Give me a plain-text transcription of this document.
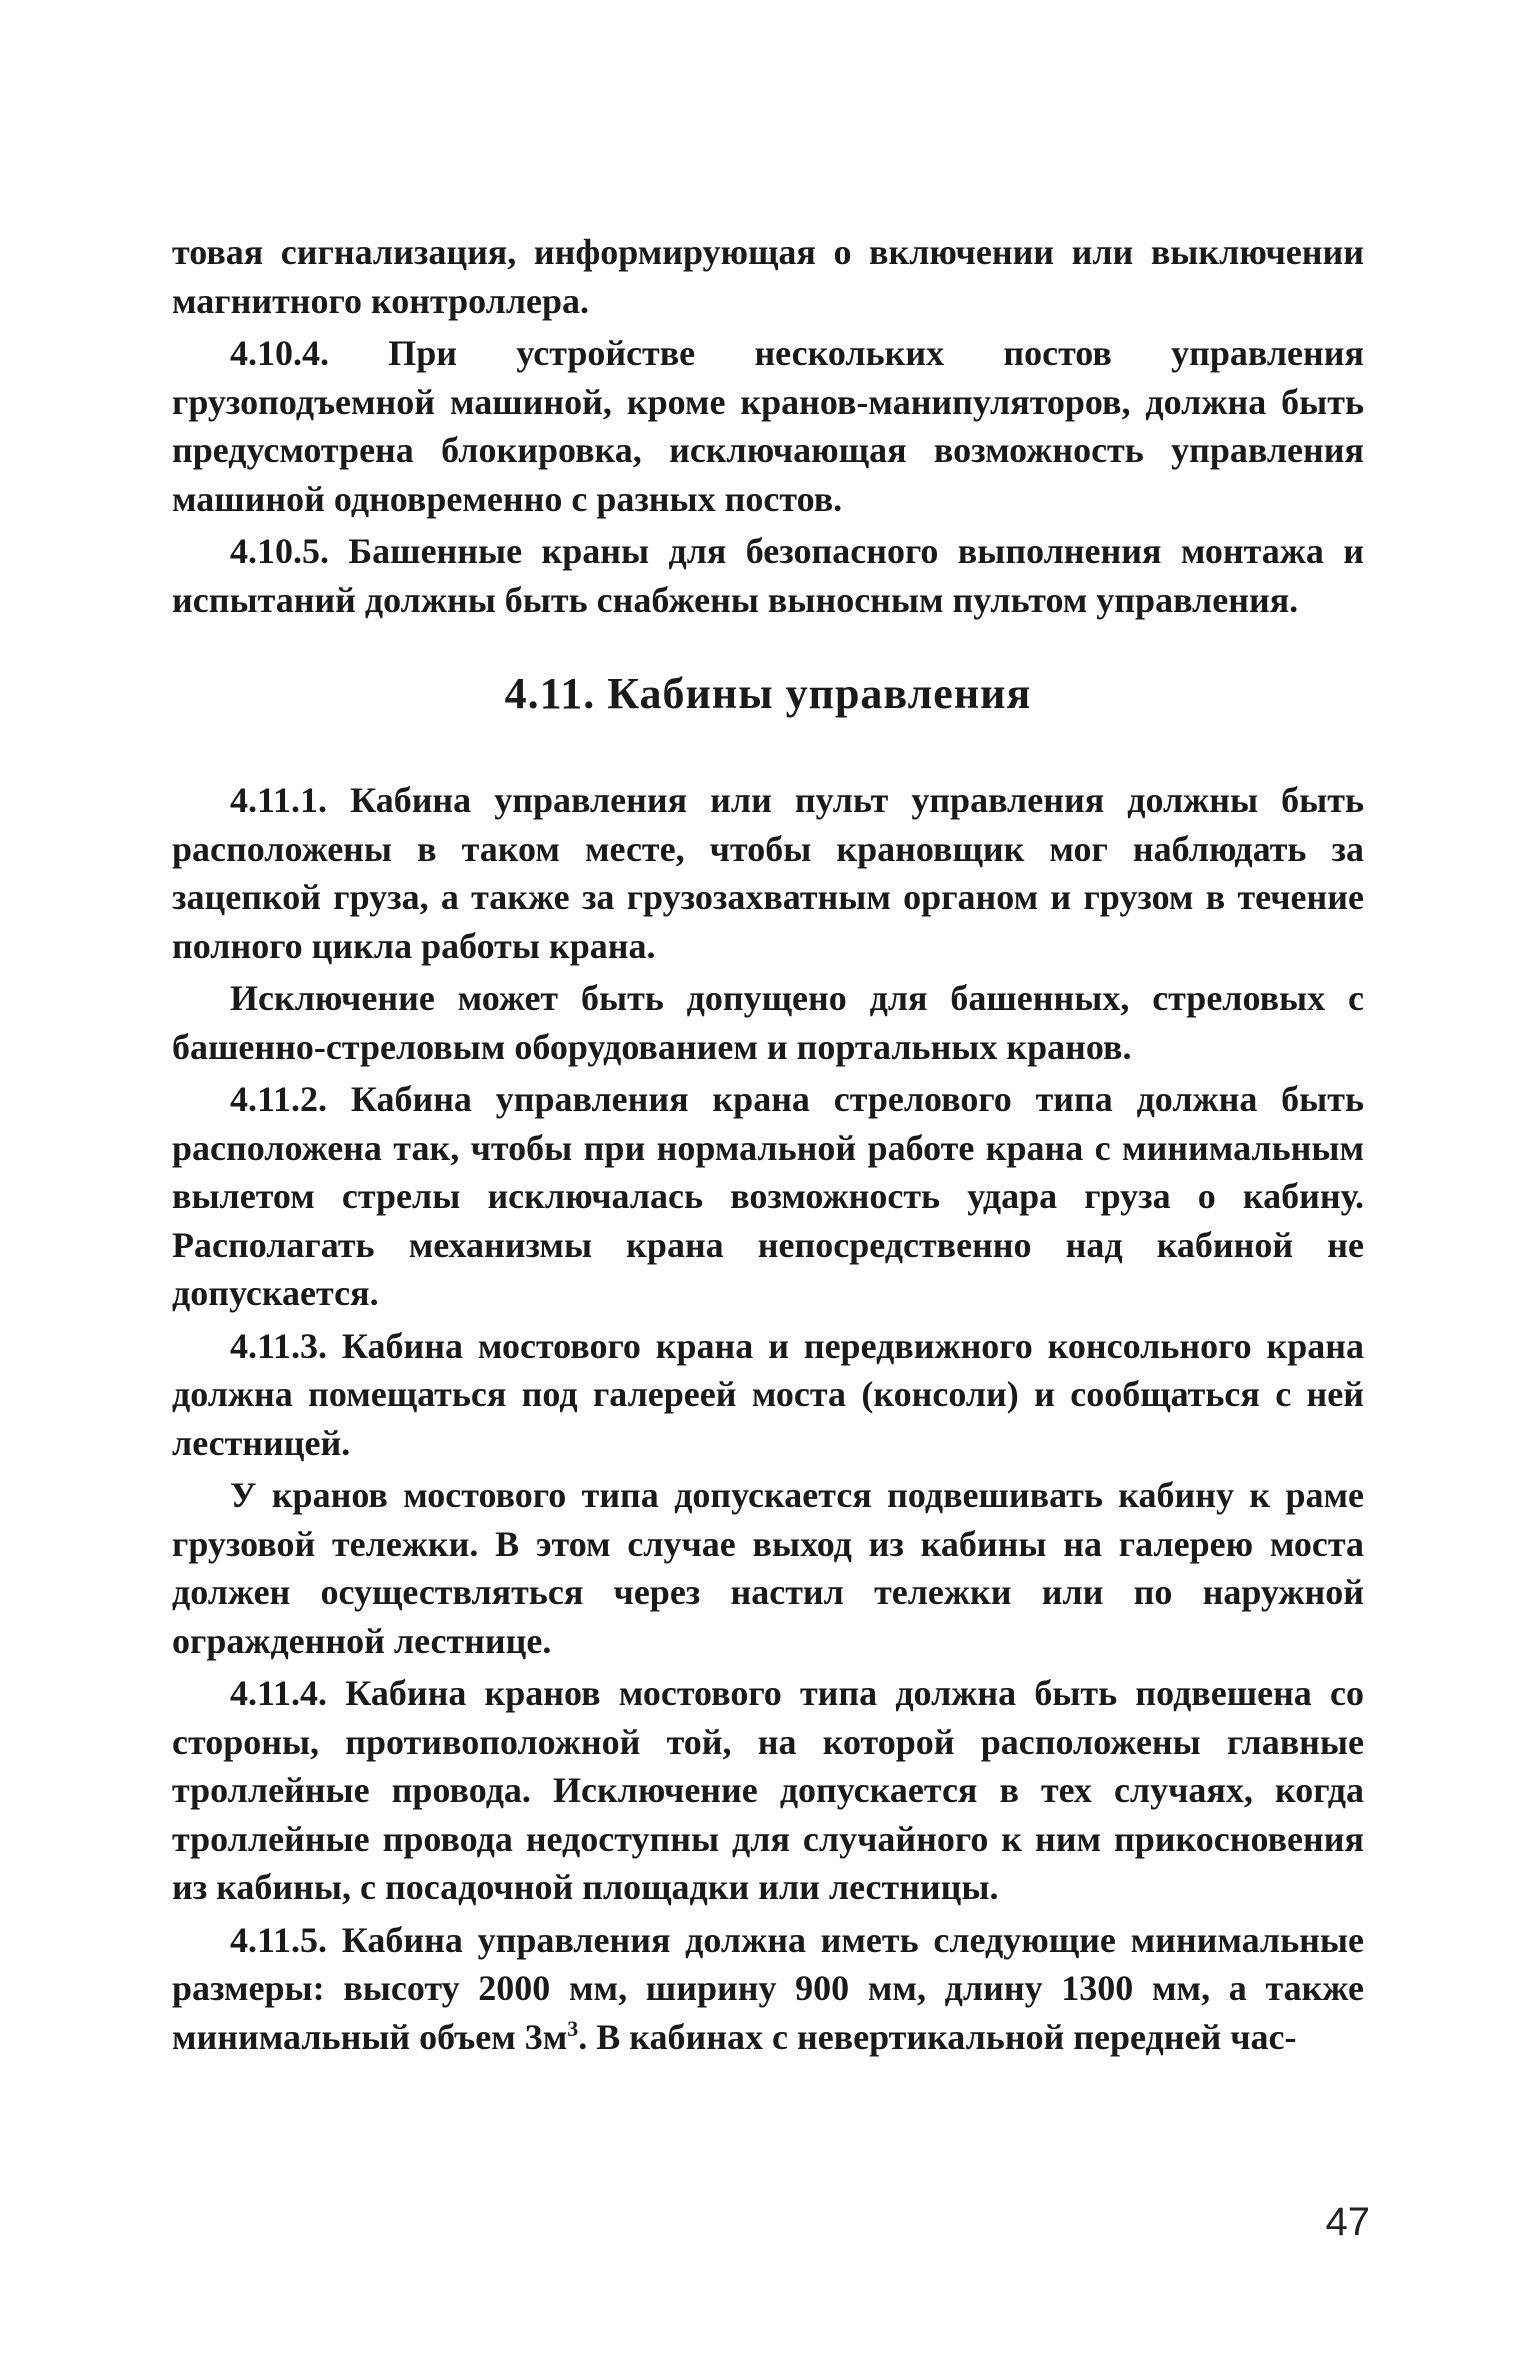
товая сигнализация, информирующая о включении или выключении магнитного контроллера.

4.10.4. При устройстве нескольких постов управления грузоподъемной машиной, кроме кранов-манипуляторов, должна быть предусмотрена блокировка, исключающая возможность управления машиной одновременно с разных постов.

4.10.5. Башенные краны для безопасного выполнения монтажа и испытаний должны быть снабжены выносным пультом управления.

4.11. Кабины управления

4.11.1. Кабина управления или пульт управления должны быть расположены в таком месте, чтобы крановщик мог наблюдать за зацепкой груза, а также за грузозахватным органом и грузом в течение полного цикла работы крана.

Исключение может быть допущено для башенных, стреловых с башенно-стреловым оборудованием и портальных кранов.

4.11.2. Кабина управления крана стрелового типа должна быть расположена так, чтобы при нормальной работе крана с минимальным вылетом стрелы исключалась возможность удара груза о кабину. Располагать механизмы крана непосредственно над кабиной не допускается.

4.11.3. Кабина мостового крана и передвижного консольного крана должна помещаться под галереей моста (консоли) и сообщаться с ней лестницей.

У кранов мостового типа допускается подвешивать кабину к раме грузовой тележки. В этом случае выход из кабины на галерею моста должен осуществляться через настил тележки или по наружной огражденной лестнице.

4.11.4. Кабина кранов мостового типа должна быть подвешена со стороны, противоположной той, на которой расположены главные троллейные провода. Исключение допускается в тех случаях, когда троллейные провода недоступны для случайного к ним прикосновения из кабины, с посадочной площадки или лестницы.

4.11.5. Кабина управления должна иметь следующие минимальные размеры: высоту 2000 мм, ширину 900 мм, длину 1300 мм, а также минимальный объем $3м^3$. В кабинах с невертикальной передней час-

47
